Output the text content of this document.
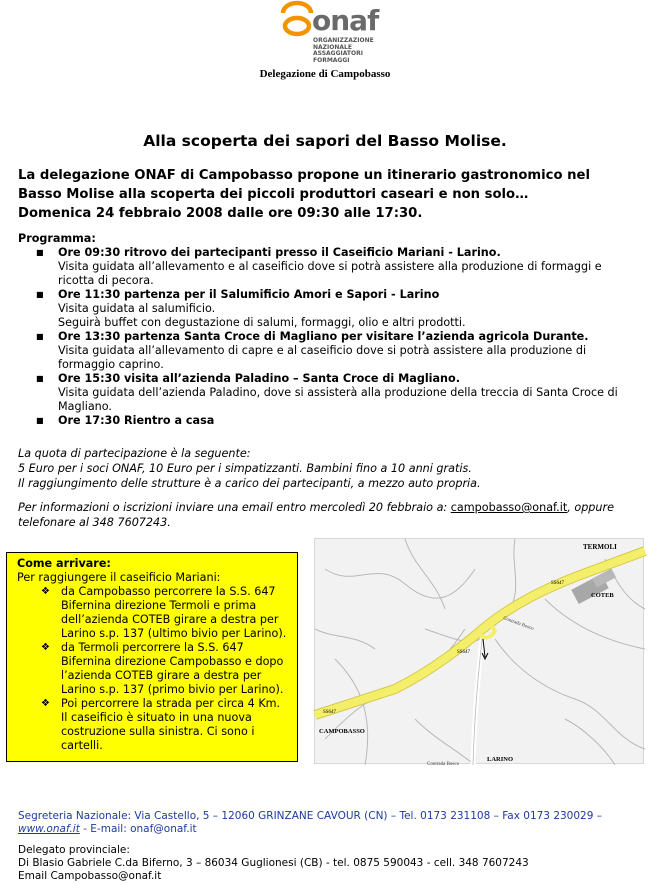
onaf
ORGANIZZAZIONE
NAZIONALE
ASSAGGIATORI
FORMAGGI
Delegazione di Campobasso
Alla scoperta dei sapori del Basso Molise.
La delegazione ONAF di Campobasso propone un itinerario gastronomico nel
Basso Molise alla scoperta dei piccoli produttori caseari e non solo…
Domenica 24 febbraio 2008 dalle ore 09:30 alle 17:30.
Programma:
■ Ore 09:30 ritrovo dei partecipanti presso il Caseificio Mariani - Larino.
Visita guidata all’allevamento e al caseificio dove si potrà assistere alla produzione di formaggi e
ricotta di pecora.
■ Ore 11:30 partenza per il Salumificio Amori e Sapori - Larino
Visita guidata al salumificio.
Seguirà buffet con degustazione di salumi, formaggi, olio e altri prodotti.
■ Ore 13:30 partenza Santa Croce di Magliano per visitare l’azienda agricola Durante.
Visita guidata all’allevamento di capre e al caseificio dove si potrà assistere alla produzione di
formaggio caprino.
■ Ore 15:30 visita all’azienda Paladino – Santa Croce di Magliano.
Visita guidata dell’azienda Paladino, dove si assisterà alla produzione della treccia di Santa Croce di
Magliano.
■ Ore 17:30 Rientro a casa
La quota di partecipazione è la seguente:
5 Euro per i soci ONAF, 10 Euro per i simpatizzanti. Bambini fino a 10 anni gratis.
Il raggiungimento delle strutture è a carico dei partecipanti, a mezzo auto propria.
Per informazioni o iscrizioni inviare una email entro mercoledì 20 febbraio a: campobasso@onaf.it, oppure
telefonare al 348 7607243.
Come arrivare:
Per raggiungere il caseificio Mariani:
❖ da Campobasso percorrere la S.S. 647
Bifernina direzione Termoli e prima
dell’azienda COTEB girare a destra per
Larino s.p. 137 (ultimo bivio per Larino).
❖ da Termoli percorrere la S.S. 647
Bifernina direzione Campobasso e dopo
l’azienda COTEB girare a destra per
Larino s.p. 137 (primo bivio per Larino).
❖ Poi percorrere la strada per circa 4 Km.
Il caseificio è situato in una nuova
costruzione sulla sinistra. Ci sono i
cartelli.
TERMOLI
COTEB
SS647
SS647
SS647
Contrada Bosco
Contrada Bosco
CAMPOBASSO
LARINO
Segreteria Nazionale: Via Castello, 5 – 12060 GRINZANE CAVOUR (CN) – Tel. 0173 231108 – Fax 0173 230029 –
www.onaf.it - E-mail: onaf@onaf.it
Delegato provinciale:
Di Blasio Gabriele C.da Biferno, 3 – 86034 Guglionesi (CB) - tel. 0875 590043 - cell. 348 7607243
Email Campobasso@onaf.it
